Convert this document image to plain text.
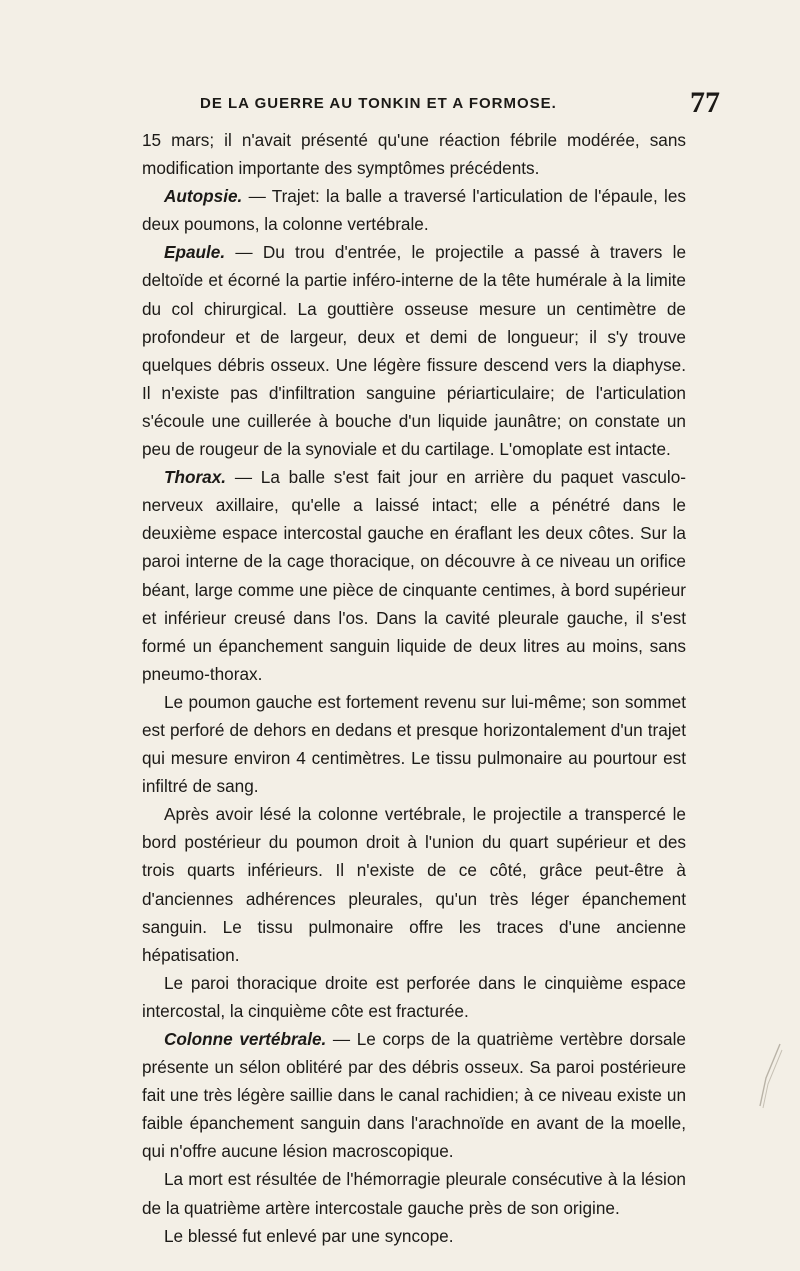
DE LA GUERRE AU TONKIN ET A FORMOSE.	77

15 mars; il n'avait présenté qu'une réaction fébrile modérée, sans modification importante des symptômes précédents.

Autopsie. — Trajet: la balle a traversé l'articulation de l'épaule, les deux poumons, la colonne vertébrale.

Epaule. — Du trou d'entrée, le projectile a passé à travers le deltoïde et écorné la partie inféro-interne de la tête humérale à la limite du col chirurgical. La gouttière osseuse mesure un centimètre de profondeur et de largeur, deux et demi de longueur; il s'y trouve quelques débris osseux. Une légère fissure descend vers la diaphyse. Il n'existe pas d'infiltration sanguine périarticulaire; de l'articulation s'écoule une cuillerée à bouche d'un liquide jaunâtre; on constate un peu de rougeur de la synoviale et du cartilage. L'omoplate est intacte.

Thorax. — La balle s'est fait jour en arrière du paquet vasculo-nerveux axillaire, qu'elle a laissé intact; elle a pénétré dans le deuxième espace intercostal gauche en éraflant les deux côtes. Sur la paroi interne de la cage thoracique, on découvre à ce niveau un orifice béant, large comme une pièce de cinquante centimes, à bord supérieur et inférieur creusé dans l'os. Dans la cavité pleurale gauche, il s'est formé un épanchement sanguin liquide de deux litres au moins, sans pneumo-thorax.

Le poumon gauche est fortement revenu sur lui-même; son sommet est perforé de dehors en dedans et presque horizontalement d'un trajet qui mesure environ 4 centimètres. Le tissu pulmonaire au pourtour est infiltré de sang.

Après avoir lésé la colonne vertébrale, le projectile a transpercé le bord postérieur du poumon droit à l'union du quart supérieur et des trois quarts inférieurs. Il n'existe de ce côté, grâce peut-être à d'anciennes adhérences pleurales, qu'un très léger épanchement sanguin. Le tissu pulmonaire offre les traces d'une ancienne hépatisation.

Le paroi thoracique droite est perforée dans le cinquième espace intercostal, la cinquième côte est fracturée.

Colonne vertébrale. — Le corps de la quatrième vertèbre dorsale présente un sélon oblitéré par des débris osseux. Sa paroi postérieure fait une très légère saillie dans le canal rachidien; à ce niveau existe un faible épanchement sanguin dans l'arachnoïde en avant de la moelle, qui n'offre aucune lésion macroscopique.

La mort est résultée de l'hémorragie pleurale consécutive à la lésion de la quatrième artère intercostale gauche près de son origine.

Le blessé fut enlevé par une syncope.
